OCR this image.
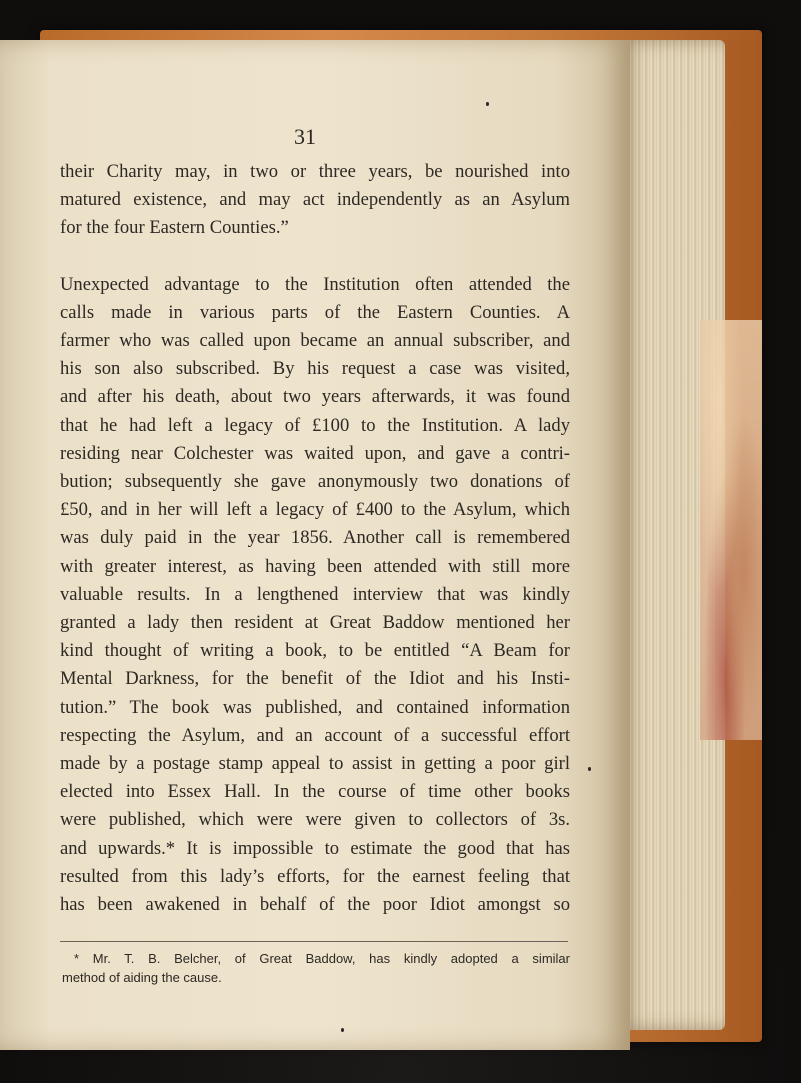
31
their Charity may, in two or three years, be nourished into
matured existence, and may act independently as an Asylum
for the four Eastern Counties.”
Unexpected advantage to the Institution often attended the
calls made in various parts of the Eastern Counties. A
farmer who was called upon became an annual subscriber, and
his son also subscribed. By his request a case was visited,
and after his death, about two years afterwards, it was found
that he had left a legacy of £100 to the Institution. A lady
residing near Colchester was waited upon, and gave a contri-
bution; subsequently she gave anonymously two donations of
£50, and in her will left a legacy of £400 to the Asylum, which
was duly paid in the year 1856. Another call is remembered
with greater interest, as having been attended with still more
valuable results. In a lengthened interview that was kindly
granted a lady then resident at Great Baddow mentioned her
kind thought of writing a book, to be entitled “A Beam for
Mental Darkness, for the benefit of the Idiot and his Insti-
tution.” The book was published, and contained information
respecting the Asylum, and an account of a successful effort
made by a postage stamp appeal to assist in getting a poor girl
elected into Essex Hall. In the course of time other books
were published, which were were given to collectors of 3s.
and upwards.* It is impossible to estimate the good that has
resulted from this lady’s efforts, for the earnest feeling that
has been awakened in behalf of the poor Idiot amongst so
* Mr. T. B. Belcher, of Great Baddow, has kindly adopted a similar
method of aiding the cause.
